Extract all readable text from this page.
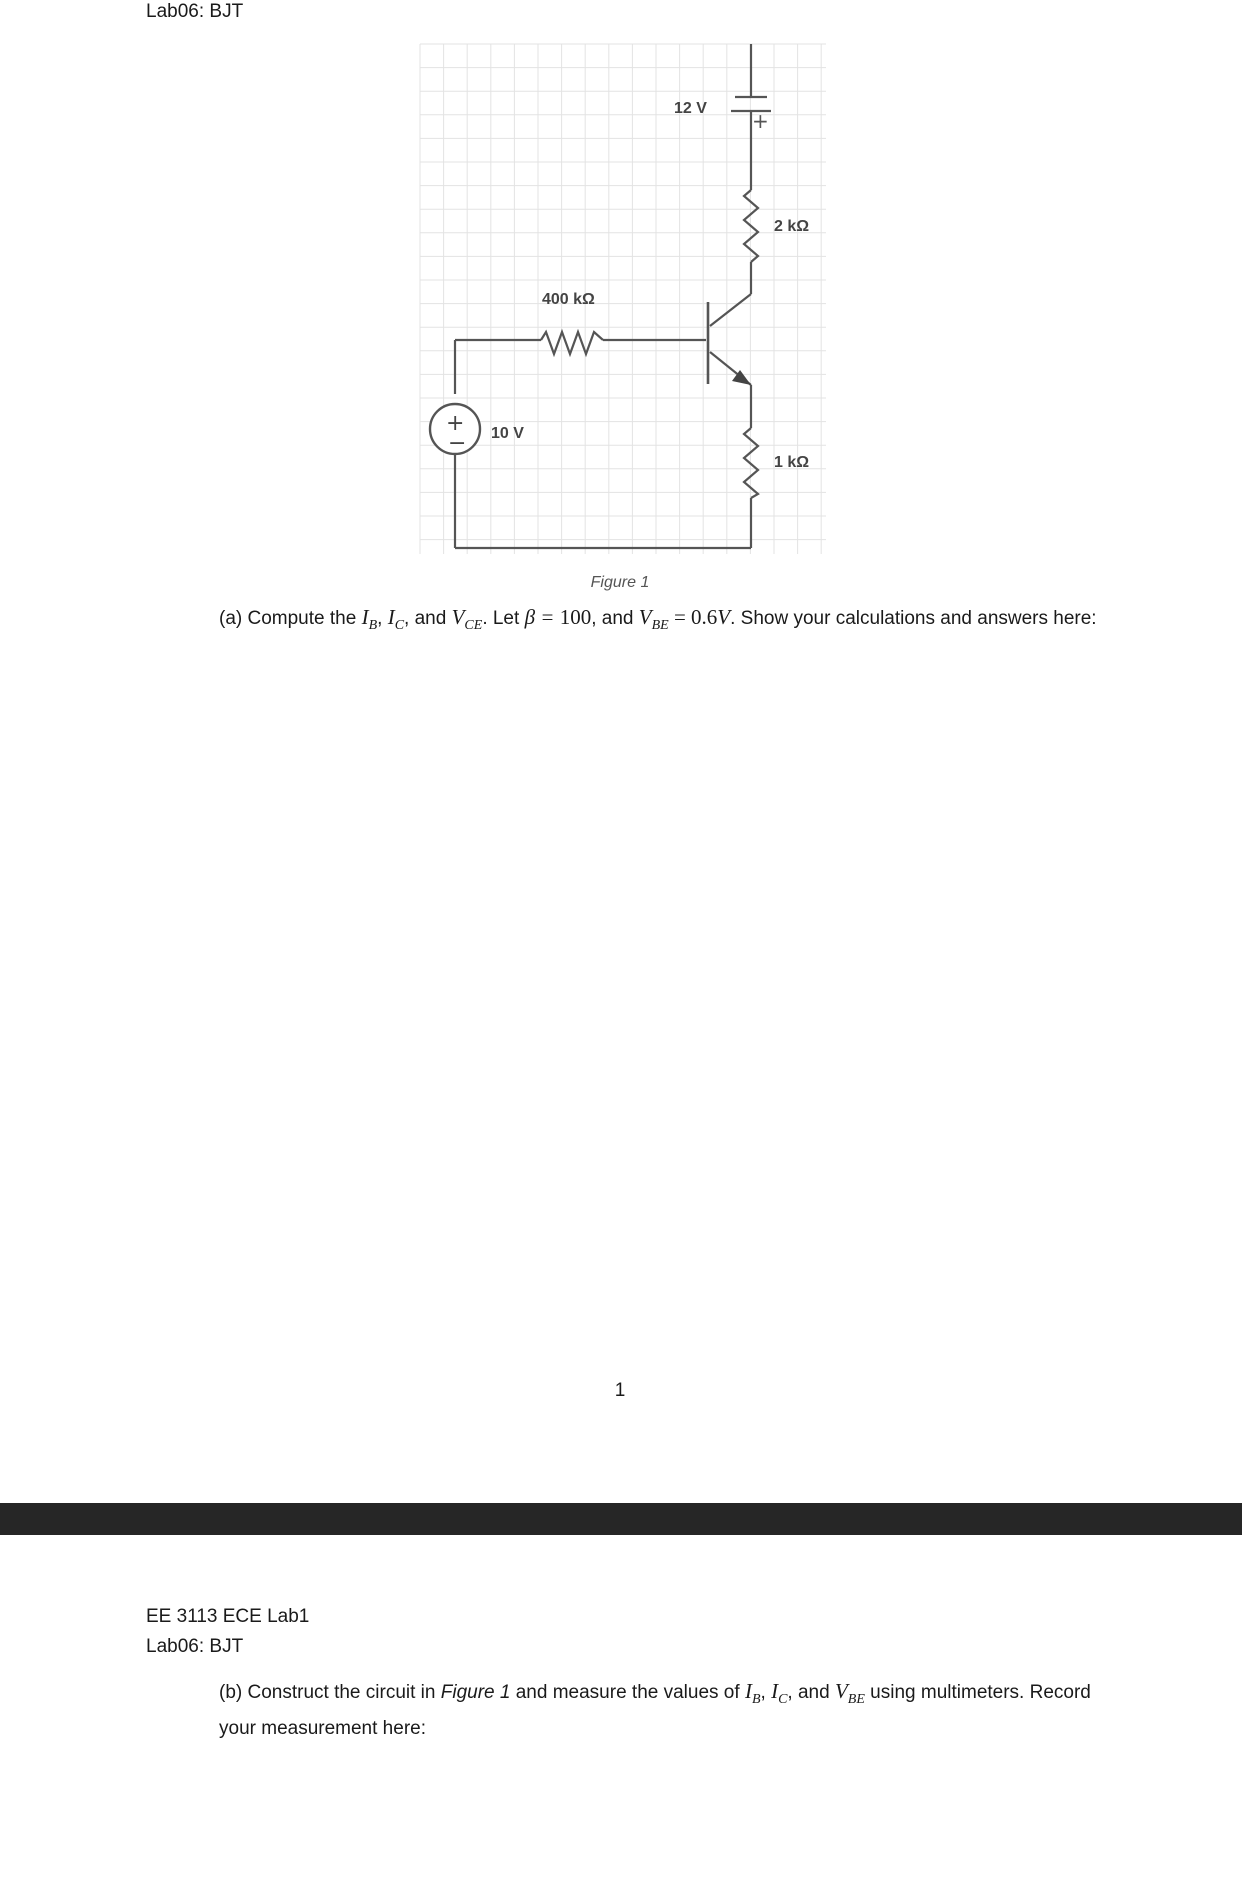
Lab06: BJT
12 V
+
2 kΩ
400 kΩ
+
− 10 V
1 kΩ
Figure 1

(a) Compute the $I_B$, $I_C$, and $V_{CE}$. Let β = 100, and $V_{BE} = 0.6V$. Show your calculations and answers here:

1
EE 3113 ECE Lab1
Lab06: BJT

(b) Construct the circuit in Figure 1 and measure the values of $I_B$, $I_C$, and $V_{BE}$ using multimeters. Record your measurement here:
